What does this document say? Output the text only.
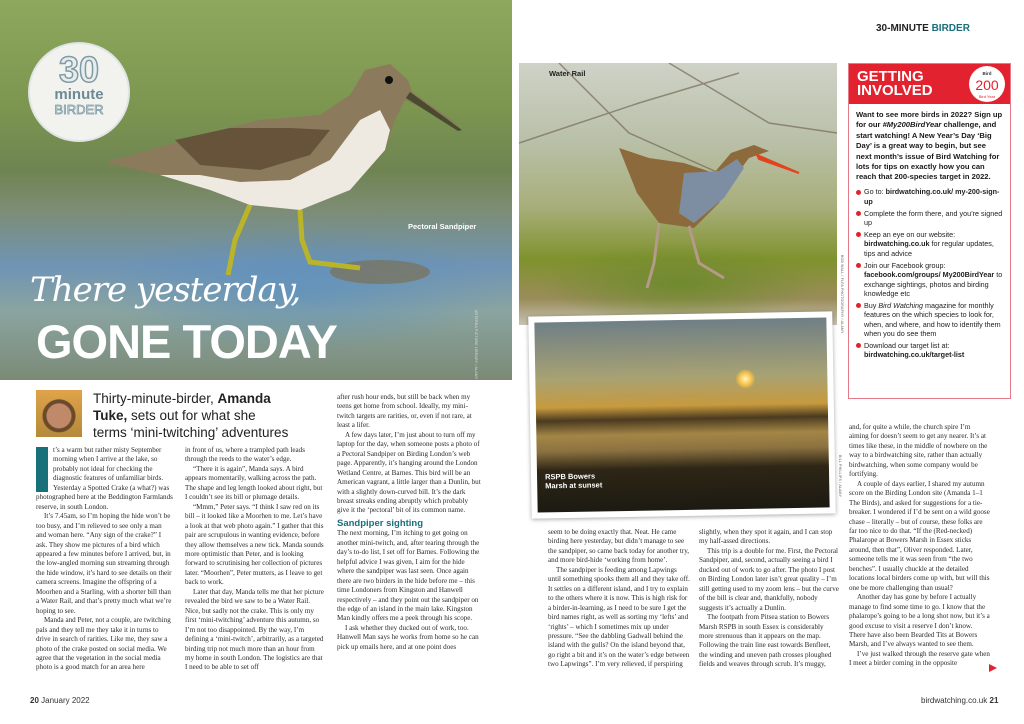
30
minute
BIRDER
Pectoral Sandpiper
ARTERRA PICTURE LIBRARY / ALAMY
There yesterday,
GONE TODAY
Thirty-minute-birder, Amanda Tuke, sets out for what she terms ‘mini-twitching’ adventures

t’s a warm but rather misty September morning when I arrive at the lake, so probably not ideal for checking the diagnostic features of unfamiliar birds. Yesterday a Spotted Crake (a what?) was photographed here at the Beddington Farmlands reserve, in south London.

It’s 7.45am, so I’m hoping the hide won’t be too busy, and I’m relieved to see only a man and woman here. “Any sign of the crake?” I ask. They show me pictures of a bird which appeared a few minutes before I arrived, but, in the low-angled morning sun streaming through the hide window, it’s hard to see details on their camera screens. Imagine the offspring of a Moorhen and a Starling, with a shorter bill than a Water Rail, and that’s pretty much what we’re hoping to see.

Manda and Peter, not a couple, are twitching pals and they tell me they take it in turns to drive in search of rarities. Like me, they saw a photo of the crake posted on social media. We agree that the vegetation in the social media photo is a good match for an area here

in front of us, where a trampled path leads through the reeds to the water’s edge.

“There it is again”, Manda says. A bird appears momentarily, walking across the path. The shape and leg length looked about right, but I couldn’t see its bill or plumage details.

“Mmm,” Peter says. “I think I saw red on its bill – it looked like a Moorhen to me. Let’s have a look at that web photo again.” I gather that this pair are scrupulous in wanting evidence, before they allow themselves a new tick. Manda sounds more optimistic than Peter, and is looking forward to scrutinising her collection of pictures later. “Moorhen”, Peter mutters, as I leave to get back to work.

Later that day, Manda tells me that her picture revealed the bird we saw to be a Water Rail. Nice, but sadly not the crake. This is only my first ‘mini-twitching’ adventure this autumn, so I’m not too disappointed. By the way, I’m defining a ‘mini-twitch’, arbitrarily, as a targeted birding trip not much more than an hour from my home in south London. The logistics are that I need to be able to set off

after rush hour ends, but still be back when my teens get home from school. Ideally, my mini-twitch targets are rarities, or, even if not rare, at least a lifer.

A few days later, I’m just about to turn off my laptop for the day, when someone posts a photo of a Pectoral Sandpiper on Birding London’s web page. Apparently, it’s hanging around the London Wetland Centre, at Barnes. This bird will be an American vagrant, a little larger than a Dunlin, but with a slightly down-curved bill. It’s the dark breast streaks ending abruptly which probably give it the ‘pectoral’ bit of its common name.

Sandpiper sighting

The next morning, I’m itching to get going on another mini-twitch, and, after tearing through the day’s to-do list, I set off for Barnes. Following the helpful advice I was given, I aim for the hide where the sandpiper was last seen. Once again there are two birders in the hide before me – this time Londoners from Kingston and Hanwell respectively – and they point out the sandpiper on the edge of an island in the main lake. Kingston Man kindly offers me a peek through his scope.

I ask whether they ducked out of work, too. Hanwell Man says he works from home so he can pick up emails here, and at one point does

20 January 2022
30-MINUTE BIRDER
Water Rail
BOB WALL / FLPA PHOTOGRAPHY / ALAMY
RSPB Bowers
Marsh at sunset	BILL PHILLIPS / ALAMY
GETTING
INVOLVED
Bird
200
Bird Year
Want to see more birds in 2022? Sign up for our #My200BirdYear challenge, and start watching! A New Year’s Day ‘Big Day’ is a great way to begin, but see next month’s issue of Bird Watching for lots for tips on exactly how you can reach that 200-species target in 2022.
Go to: birdwatching.co.uk/ my-200-sign-up
Complete the form there, and you’re signed up
Keep an eye on our website: birdwatching.co.uk for regular updates, tips and advice
Join our Facebook group: facebook.com/groups/ My200BirdYear to exchange sightings, photos and birding knowledge etc
Buy Bird Watching magazine for monthly features on the which species to look for, when, and where, and how to identify them when you do see them
Download our target list at: birdwatching.co.uk/target-list

seem to be doing exactly that. Neat. He came birding here yesterday, but didn’t manage to see the sandpiper, so came back today for another try, and more bird-hide ‘working from home’.

The sandpiper is feeding among Lapwings until something spooks them all and they take off. It settles on a different island, and I try to explain to the others where it is now. This is high risk for a birder-in-learning, as I need to be sure I get the bird names right, as well as sorting my ‘lefts’ and ‘rights’ – which I sometimes mix up under pressure. “See the dabbling Gadwall behind the island with the gulls? On the island beyond that, go right a bit and it’s on the water’s edge between two Lapwings”. I’m very relieved, if perspiring

slightly, when they spot it again, and I can stop my half-assed directions.

This trip is a double for me. First, the Pectoral Sandpiper, and, second, actually seeing a bird I ducked out of work to go after. The photo I post on Birding London later isn’t great quality – I’m still getting used to my zoom lens – but the curve of the bill is clear and, thankfully, nobody suggests it’s actually a Dunlin.

The footpath from Pitsea station to Bowers Marsh RSPB in south Essex is considerably more strenuous than it appears on the map. Following the train line east towards Benfleet, the winding and uneven path crosses ploughed fields and weaves through scrub. It’s muggy,

and, for quite a while, the church spire I’m aiming for doesn’t seem to get any nearer. It’s at times like these, in the middle of nowhere on the way to a birdwatching site, rather than actually birdwatching, when some company would be fortifying.

A couple of days earlier, I shared my autumn score on the Birding London site (Amanda 1–1 The Birds), and asked for suggestions for a tie-breaker. I wondered if I’d be sent on a wild goose chase – literally – but of course, these folks are far too nice to do that. “If the (Red-necked) Phalarope at Bowers Marsh in Essex sticks around, then that”, Oliver responded. Later, someone tells me it was seen from “the two benches”. I usually chuckle at the detailed locations local birders come up with, but will this one be more challenging than usual?

Another day has gone by before I actually manage to find some time to go. I know that the phalarope’s going to be a long shot now, but it’s a good excuse to visit a reserve I don’t know. There have also been Bearded Tits at Bowers Marsh, and I’ve always wanted to see them.

I’ve just walked through the reserve gate when I meet a birder coming in the opposite

birdwatching.co.uk 21
